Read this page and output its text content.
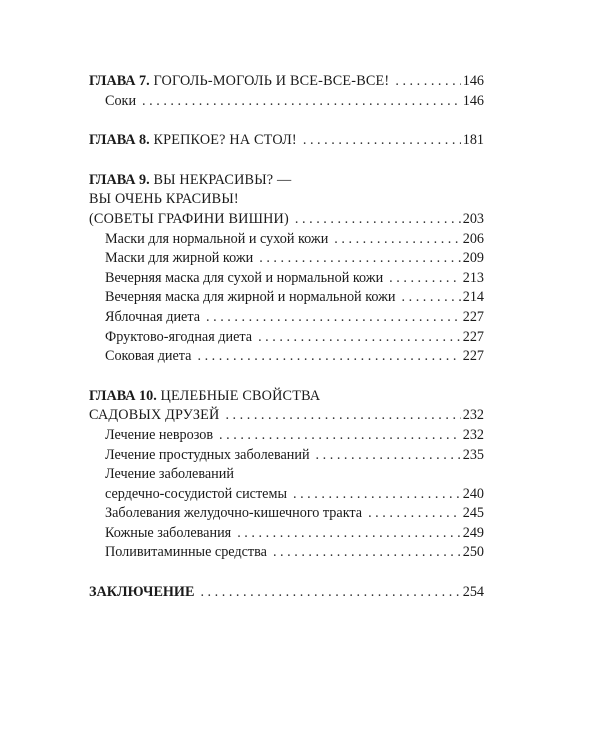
ГЛАВА 7. ГОГОЛЬ-МОГОЛЬ И ВСЕ-ВСЕ-ВСЕ! . . .	146
Соки . . .	146
ГЛАВА 8. КРЕПКОЕ? НА СТОЛ! . . .	181
ГЛАВА 9. ВЫ НЕКРАСИВЫ? —
ВЫ ОЧЕНЬ КРАСИВЫ!
(СОВЕТЫ ГРАФИНИ ВИШНИ) . . .	203
Маски для нормальной и сухой кожи . . .	206
Маски для жирной кожи . . .	209
Вечерняя маска для сухой и нормальной кожи . . .	213
Вечерняя маска для жирной и нормальной кожи . . .	214
Яблочная диета . . .	227
Фруктово-ягодная диета . . .	227
Соковая диета . . .	227
ГЛАВА 10. ЦЕЛЕБНЫЕ СВОЙСТВА
САДОВЫХ ДРУЗЕЙ . . .	232
Лечение неврозов . . .	232
Лечение простудных заболеваний . . .	235
Лечение заболеваний
сердечно-сосудистой системы . . .	240
Заболевания желудочно-кишечного тракта . . .	245
Кожные заболевания . . .	249
Поливитаминные средства . . .	250
ЗАКЛЮЧЕНИЕ . . .	254
